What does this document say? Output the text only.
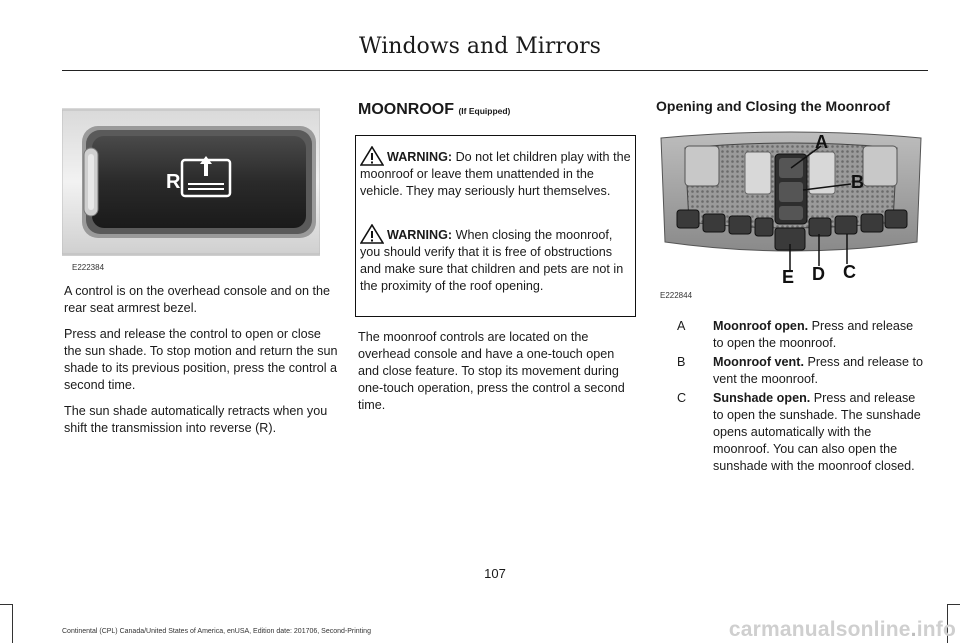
Windows and Mirrors
R
E222384

A control is on the overhead console and on the rear seat armrest bezel.

Press and release the control to open or close the sun shade. To stop motion and return the sun shade to its previous position, press the control a second time.

The sun shade automatically retracts when you shift the transmission into reverse (R).

MOONROOF (If Equipped)
WARNING: Do not let children play with the moonroof or leave them unattended in the vehicle. They may seriously hurt themselves.
WARNING: When closing the moonroof, you should verify that it is free of obstructions and make sure that children and pets are not in the proximity of the roof opening.
The moonroof controls are located on the overhead console and have a one-touch open and close feature. To stop its movement during one-touch operation, press the control a second time.
Opening and Closing the Moonroof
A
B
C
D
E
E222844
A Moonroof open. Press and release to open the moonroof.
B Moonroof vent. Press and release to vent the moonroof.
C Sunshade open. Press and release to open the sunshade. The sunshade opens automatically with the moonroof. You can also open the sunshade with the moonroof closed.
107
Continental (CPL) Canada/United States of America, enUSA, Edition date: 201706, Second-Printing	carmanualsonline.info
